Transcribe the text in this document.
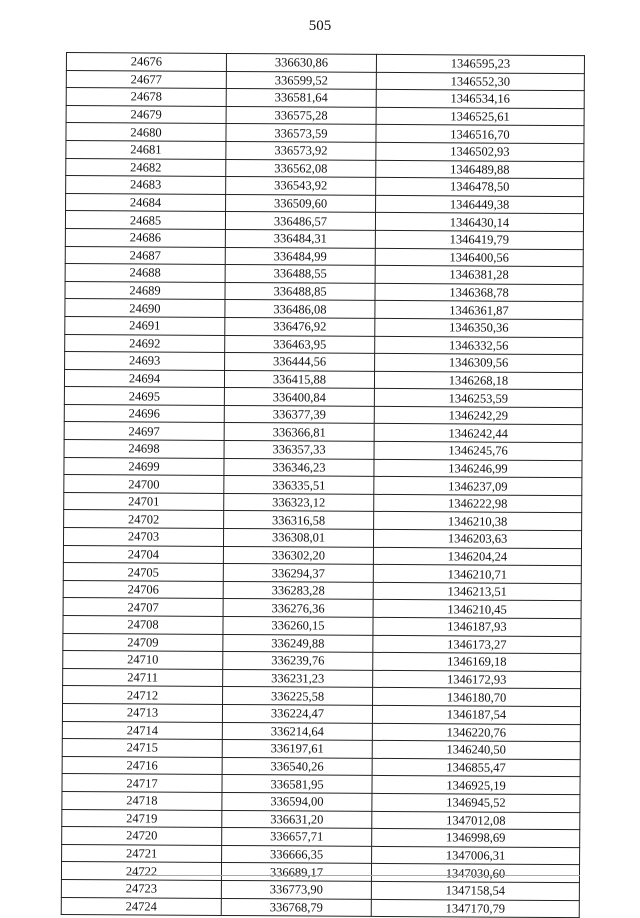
505
24676	336630,86	1346595,23
24677	336599,52	1346552,30
24678	336581,64	1346534,16
24679	336575,28	1346525,61
24680	336573,59	1346516,70
24681	336573,92	1346502,93
24682	336562,08	1346489,88
24683	336543,92	1346478,50
24684	336509,60	1346449,38
24685	336486,57	1346430,14
24686	336484,31	1346419,79
24687	336484,99	1346400,56
24688	336488,55	1346381,28
24689	336488,85	1346368,78
24690	336486,08	1346361,87
24691	336476,92	1346350,36
24692	336463,95	1346332,56
24693	336444,56	1346309,56
24694	336415,88	1346268,18
24695	336400,84	1346253,59
24696	336377,39	1346242,29
24697	336366,81	1346242,44
24698	336357,33	1346245,76
24699	336346,23	1346246,99
24700	336335,51	1346237,09
24701	336323,12	1346222,98
24702	336316,58	1346210,38
24703	336308,01	1346203,63
24704	336302,20	1346204,24
24705	336294,37	1346210,71
24706	336283,28	1346213,51
24707	336276,36	1346210,45
24708	336260,15	1346187,93
24709	336249,88	1346173,27
24710	336239,76	1346169,18
24711	336231,23	1346172,93
24712	336225,58	1346180,70
24713	336224,47	1346187,54
24714	336214,64	1346220,76
24715	336197,61	1346240,50
24716	336540,26	1346855,47
24717	336581,95	1346925,19
24718	336594,00	1346945,52
24719	336631,20	1347012,08
24720	336657,71	1346998,69
24721	336666,35	1347006,31
24722	336689,17	1347030,60
24723	336773,90	1347158,54
24724	336768,79	1347170,79
